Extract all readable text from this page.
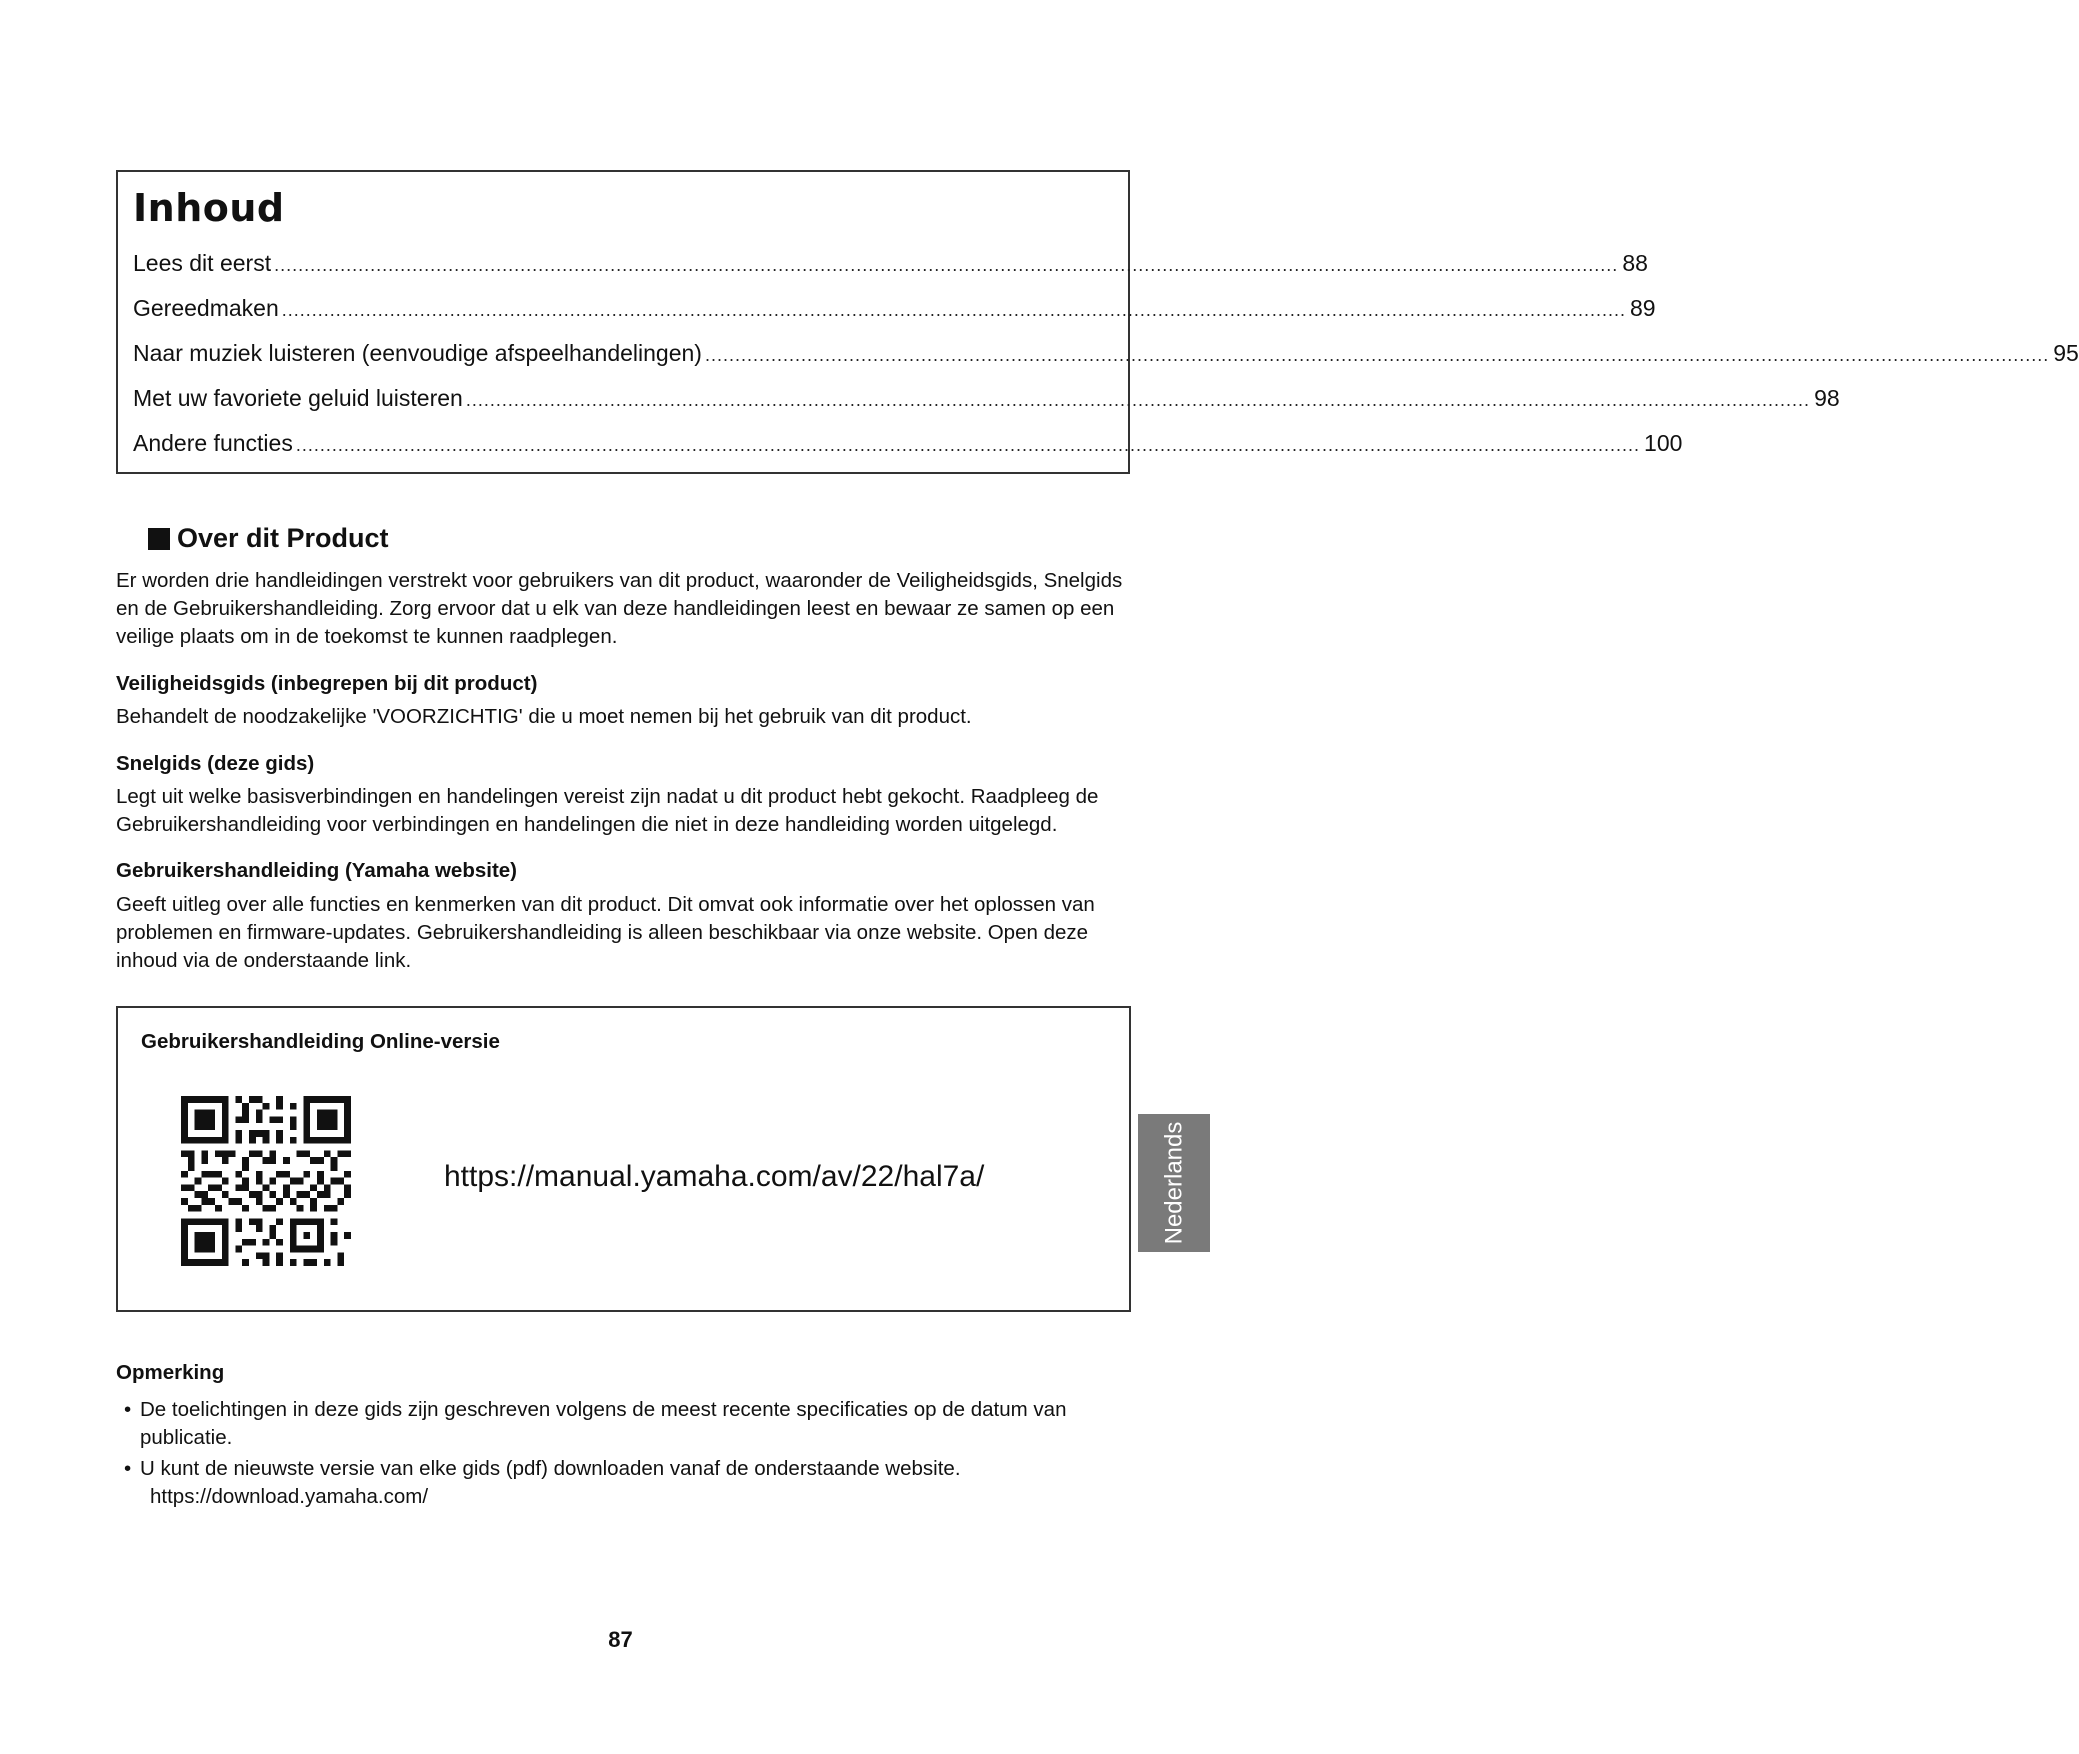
Inhoud
Lees dit eerst ................................................................................................................................................................................................................................ 88
Gereedmaken ................................................................................................................................................................................................................................ 89
Naar muziek luisteren (eenvoudige afspeelhandelingen) ................................................................................................................................................................................................................................ 95
Met uw favoriete geluid luisteren ................................................................................................................................................................................................................................ 98
Andere functies ................................................................................................................................................................................................................................ 100
Over dit Product
Er worden drie handleidingen verstrekt voor gebruikers van dit product, waaronder de Veiligheidsgids, Snelgids en de Gebruikershandleiding. Zorg ervoor dat u elk van deze handleidingen leest en bewaar ze samen op een veilige plaats om in de toekomst te kunnen raadplegen.
Veiligheidsgids (inbegrepen bij dit product)
Behandelt de noodzakelijke 'VOORZICHTIG' die u moet nemen bij het gebruik van dit product.
Snelgids (deze gids)
Legt uit welke basisverbindingen en handelingen vereist zijn nadat u dit product hebt gekocht. Raadpleeg de Gebruikershandleiding voor verbindingen en handelingen die niet in deze handleiding worden uitgelegd.
Gebruikershandleiding (Yamaha website)
Geeft uitleg over alle functies en kenmerken van dit product. Dit omvat ook informatie over het oplossen van problemen en firmware-updates. Gebruikershandleiding is alleen beschikbaar via onze website. Open deze inhoud via de onderstaande link.
Gebruikershandleiding Online-versie
https://manual.yamaha.com/av/22/hal7a/	Nederlands
Opmerking
• De toelichtingen in deze gids zijn geschreven volgens de meest recente specificaties op de datum van publicatie.
• U kunt de nieuwste versie van elke gids (pdf) downloaden vanaf de onderstaande website.
https://download.yamaha.com/
87
